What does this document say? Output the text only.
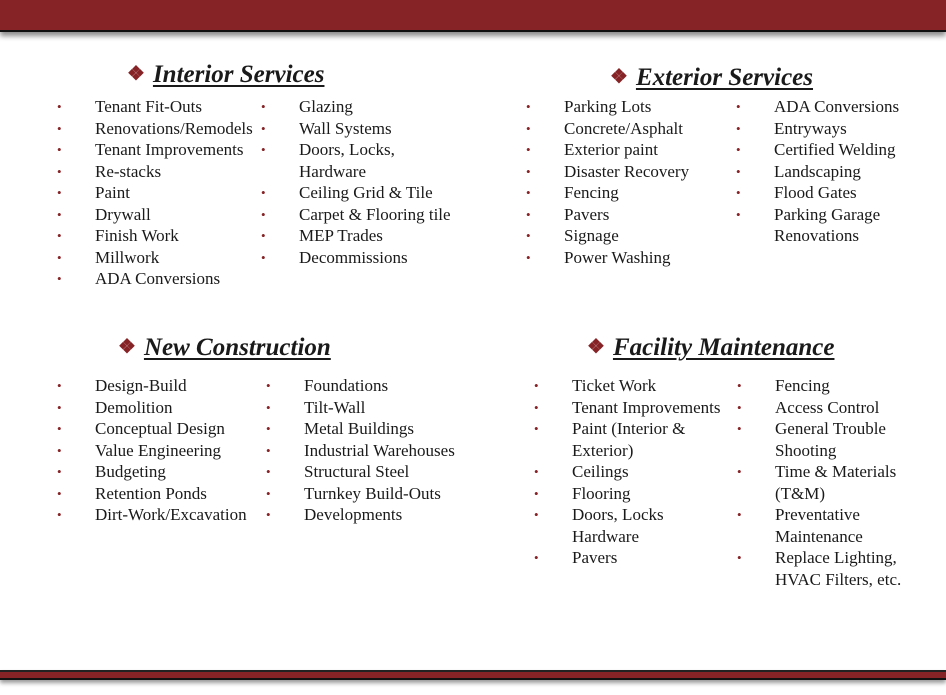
❖ Interior Services
• Tenant Fit-Outs
• Renovations/Remodels
• Tenant Improvements
• Re-stacks
• Paint
• Drywall
• Finish Work
• Millwork
• ADA Conversions
• Glazing
• Wall Systems
• Doors, Locks,
Hardware
• Ceiling Grid & Tile
• Carpet & Flooring tile
• MEP Trades
• Decommissions
❖ Exterior Services
• Parking Lots
• Concrete/Asphalt
• Exterior paint
• Disaster Recovery
• Fencing
• Pavers
• Signage
• Power Washing
• ADA Conversions
• Entryways
• Certified Welding
• Landscaping
• Flood Gates
• Parking Garage
Renovations
❖ New Construction
• Design-Build
• Demolition
• Conceptual Design
• Value Engineering
• Budgeting
• Retention Ponds
• Dirt-Work/Excavation
• Foundations
• Tilt-Wall
• Metal Buildings
• Industrial Warehouses
• Structural Steel
• Turnkey Build-Outs
• Developments
❖ Facility Maintenance
• Ticket Work
• Tenant Improvements
• Paint (Interior &
Exterior)
• Ceilings
• Flooring
• Doors, Locks
Hardware
• Pavers
• Fencing
• Access Control
• General Trouble
Shooting
• Time & Materials
(T&M)
• Preventative
Maintenance
• Replace Lighting,
HVAC Filters, etc.
